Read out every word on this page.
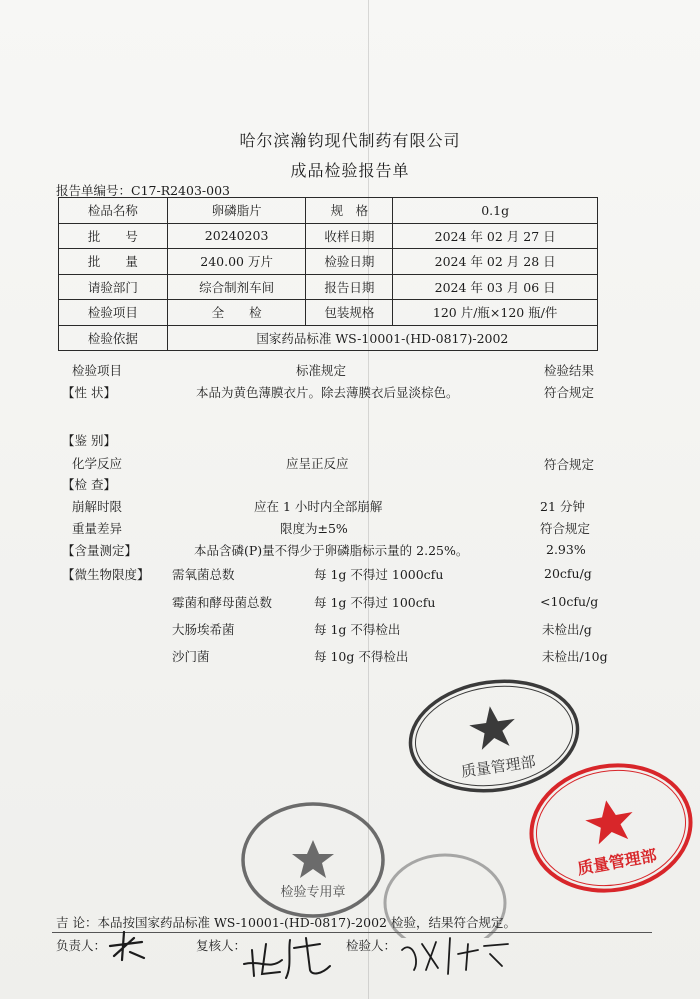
哈尔滨瀚钧现代制药有限公司
成品检验报告单
报告单编号：C17-R2403-003
检品名称	卵磷脂片	规　格	0.1g
批　　号	20240203	收样日期	2024 年 02 月 27 日
批　　量	240.00 万片	检验日期	2024 年 02 月 28 日
请验部门	综合制剂车间	报告日期	2024 年 03 月 06 日
检验项目	全　　检	包装规格	120 片/瓶×120 瓶/件
检验依据	国家药品标准 WS-10001-(HD-0817)-2002		
检验项目	标准规定	检验结果
【性 状】	本品为黄色薄膜衣片。除去薄膜衣后显淡棕色。	符合规定
【鉴 别】
化学反应	应呈正反应	符合规定
【检 查】
崩解时限	应在 1 小时内全部崩解	21 分钟
重量差异	限度为±5%	符合规定
【含量测定】	本品含磷(P)量不得少于卵磷脂标示量的 2.25%。	2.93%
【微生物限度】 需氧菌总数	每 1g 不得过 1000cfu	20cfu/g
霉菌和酵母菌总数	每 1g 不得过 100cfu	<10cfu/g
大肠埃希菌	每 1g 不得检出	未检出/g
沙门菌	每 10g 不得检出	未检出/10g
质量管理部
质量管理部
检验专用章
吉 论：本品按国家药品标准 WS-10001-(HD-0817)-2002 检验，结果符合规定。
负责人：	复核人：	检验人：
